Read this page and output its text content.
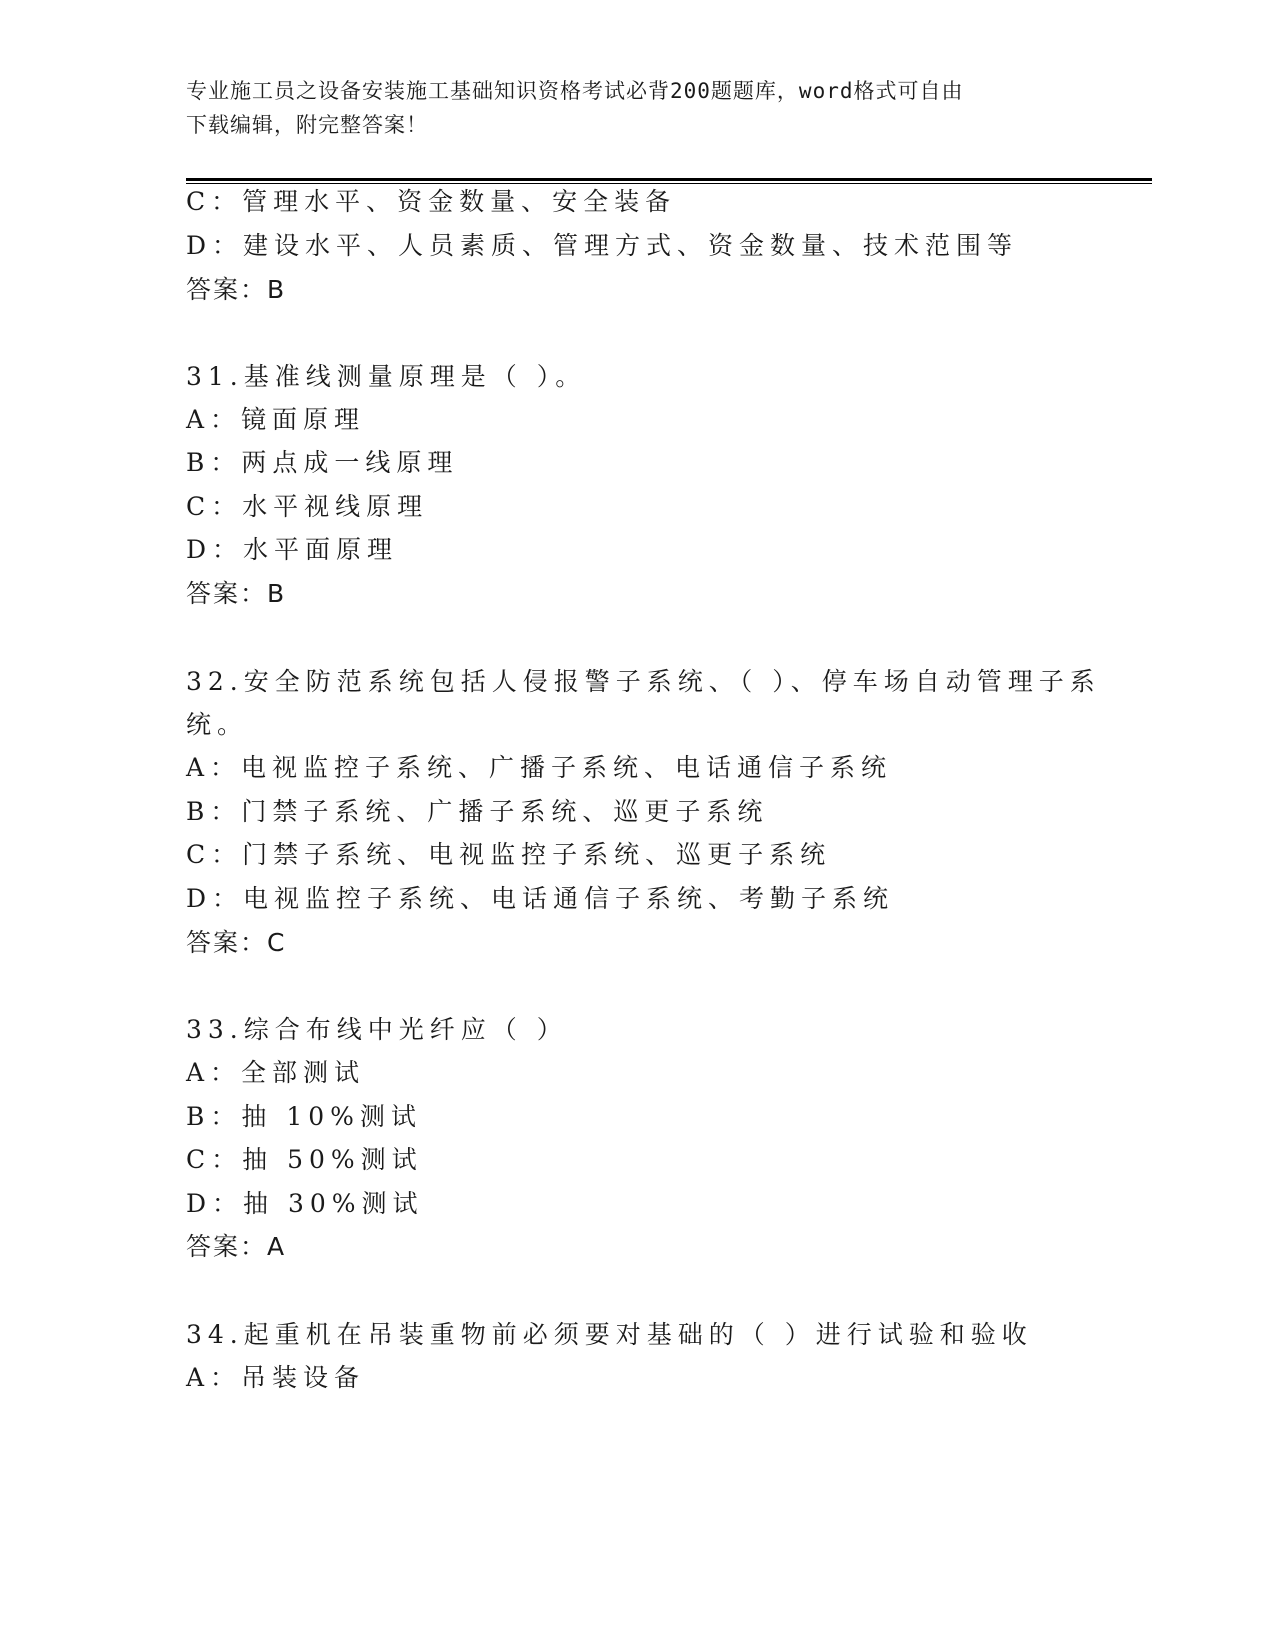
专业施工员之设备安装施工基础知识资格考试必背200题题库，word格式可自由
下载编辑，附完整答案！
C：管理水平、资金数量、安全装备
D：建设水平、人员素质、管理方式、资金数量、技术范围等
答案：B
31.基准线测量原理是（ ）。
A：镜面原理
B：两点成一线原理
C：水平视线原理
D：水平面原理
答案：B
32.安全防范系统包括人侵报警子系统、（ ）、停车场自动管理子系
统。
A：电视监控子系统、广播子系统、电话通信子系统
B：门禁子系统、广播子系统、巡更子系统
C：门禁子系统、电视监控子系统、巡更子系统
D：电视监控子系统、电话通信子系统、考勤子系统
答案：C
33.综合布线中光纤应（ ）
A：全部测试
B：抽 10%测试
C：抽 50%测试
D：抽 30%测试
答案：A
34.起重机在吊装重物前必须要对基础的（ ）进行试验和验收
A：吊装设备
